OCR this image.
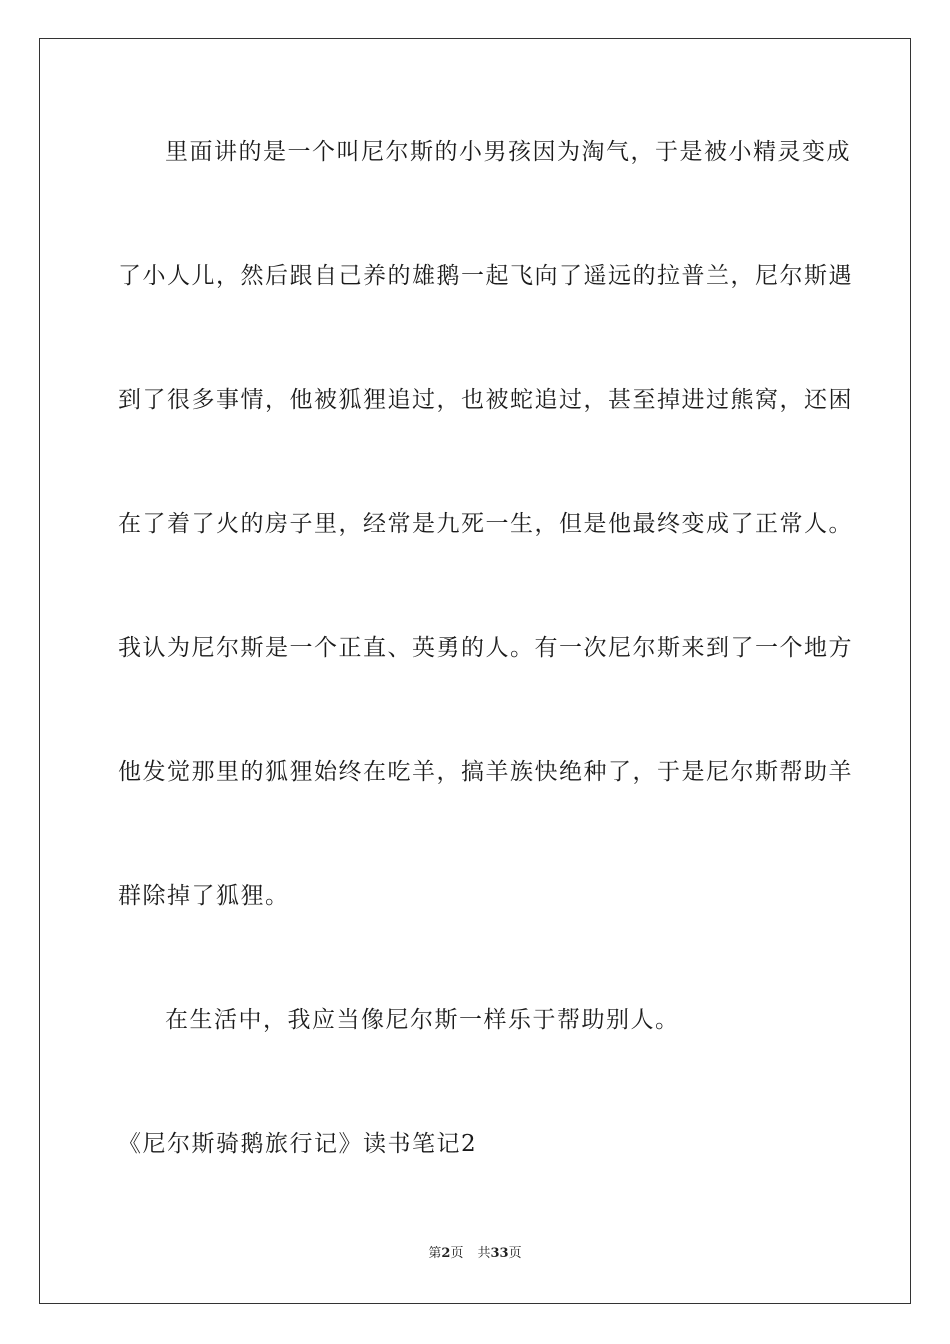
里面讲的是一个叫尼尔斯的小男孩因为淘气，于是被小精灵变成
了小人儿，然后跟自己养的雄鹅一起飞向了遥远的拉普兰，尼尔斯遇
到了很多事情，他被狐狸追过，也被蛇追过，甚至掉进过熊窝，还困
在了着了火的房子里，经常是九死一生，但是他最终变成了正常人。
我认为尼尔斯是一个正直、英勇的人。有一次尼尔斯来到了一个地方
他发觉那里的狐狸始终在吃羊，搞羊族快绝种了，于是尼尔斯帮助羊
群除掉了狐狸。
在生活中，我应当像尼尔斯一样乐于帮助别人。
《尼尔斯骑鹅旅行记》读书笔记2
第2页 共33页
